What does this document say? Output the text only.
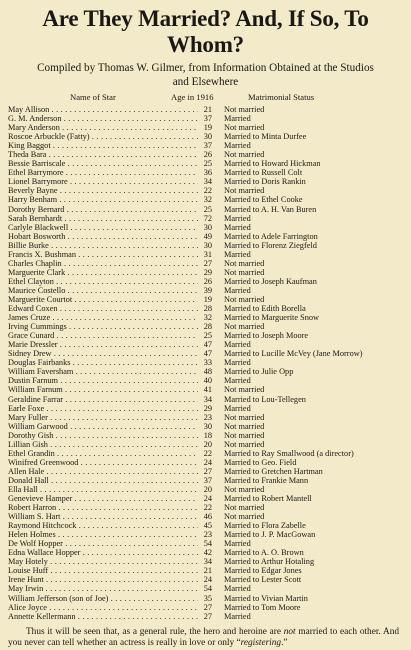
Are They Married? And, If So, To Whom?
Compiled by Thomas W. Gilmer, from Information Obtained at the Studios
and Elsewhere
Name of Star	Age in 1916	Matrimonial Status
May Allison . . .	21 Not married
G. M. Anderson . . .	37 Married
Mary Anderson . . .	19 Not married
Roscoe Arbuckle (Fatty) . . .	30 Married to Minta Durfee
King Baggot . . .	37 Married
Theda Bara . . .	26 Not married
Bessie Barriscale . . .	25 Married to Howard Hickman
Ethel Barrymore . . .	36 Married to Russell Colt
Lionel Barrymore . . .	34 Married to Doris Rankin
Beverly Bayne . . .	22 Not married
Harry Benham . . .	32 Married to Ethel Cooke
Dorothy Bernard . . .	25 Married to A. H. Van Buren
Sarah Bernhardt . . .	72 Married
Carlyle Blackwell . . .	30 Married
Hobart Bosworth . . .	49 Married to Adele Farrington
Billie Burke . . .	30 Married to Florenz Ziegfeld
Francis X. Bushman . . .	31 Married
Charles Chaplin . . .	27 Not married
Marguerite Clark . . .	29 Not married
Ethel Clayton . . .	26 Married to Joseph Kaufman
Maurice Costello . . .	39 Married
Marguerite Courtot . . .	19 Not married
Edward Coxen . . .	28 Married to Edith Borella
James Cruze . . .	32 Married to Marguerite Snow
Irving Cummings . . .	28 Not married
Grace Cunard . . .	25 Married to Joseph Moore
Marie Dressler . . .	47 Married
Sidney Drew . . .	47 Married to Lucille McVey (Jane Morrow)
Douglas Fairbanks . . .	33 Married
William Faversham . . .	48 Married to Julie Opp
Dustin Farnum . . .	40 Married
William Farnum . . .	41 Not married
Geraldine Farrar . . .	34 Married to Lou-Tellegen
Earle Foxe . . .	29 Married
Mary Fuller . . .	23 Not married
William Garwood . . .	30 Not married
Dorothy Gish . . .	18 Not married
Lillian Gish . . .	20 Not married
Ethel Grandin . . .	22 Married to Ray Smallwood (a director)
Winifred Greenwood . . .	24 Married to Geo. Field
Allen Hale . . .	27 Married to Gretchen Hartman
Donald Hall . . .	37 Married to Frankie Mann
Ella Hall . . .	20 Not married
Genevieve Hamper . . .	24 Married to Robert Mantell
Robert Harron . . .	22 Not married
William S. Hart . . .	46 Not married
Raymond Hitchcock . . .	45 Married to Flora Zabelle
Helen Holmes . . .	23 Married to J. P. MacGowan
De Wolf Hopper . . .	54 Married
Edna Wallace Hopper . . .	42 Married to A. O. Brown
May Hotely . . .	34 Married to Arthur Hotaling
Louise Huff . . .	21 Married to Edgar Jones
Irene Hunt . . .	24 Married to Lester Scott
May Irwin . . .	54 Married
William Jefferson (son of Joe) . . .	35 Married to Vivian Martin
Alice Joyce . . .	27 Married to Tom Moore
Annette Kellermann . . .	27 Married

Thus it will be seen that, as a general rule, the hero and heroine are not married to each other. And you never can tell whether an actress is really in love or only “registering.”
